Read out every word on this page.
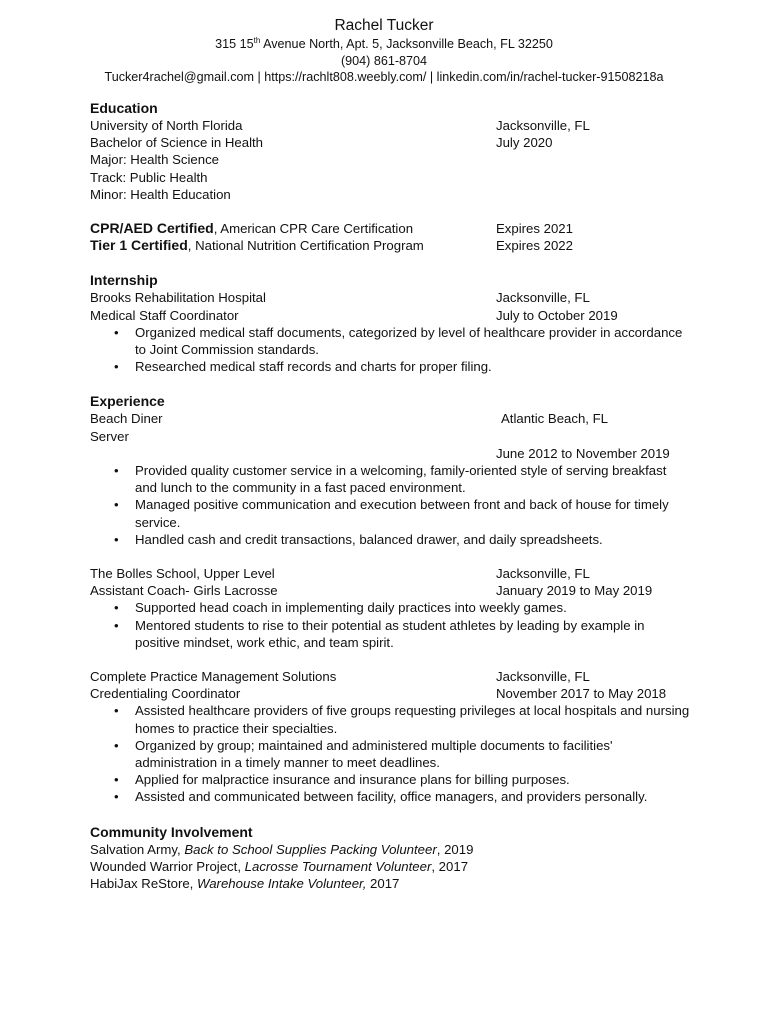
Rachel Tucker
315 15th Avenue North, Apt. 5, Jacksonville Beach, FL 32250
(904) 861-8704
Tucker4rachel@gmail.com | https://rachlt808.weebly.com/ | linkedin.com/in/rachel-tucker-91508218a
Education
University of North Florida	Jacksonville, FL
Bachelor of Science in Health	July 2020
Major: Health Science
Track: Public Health
Minor: Health Education
CPR/AED Certified, American CPR Care Certification	Expires 2021
Tier 1 Certified, National Nutrition Certification Program	Expires 2022
Internship
Brooks Rehabilitation Hospital	Jacksonville, FL
Medical Staff Coordinator	July to October 2019
• Organized medical staff documents, categorized by level of healthcare provider in accordance to Joint Commission standards.
• Researched medical staff records and charts for proper filing.
Experience
Beach Diner	Atlantic Beach, FL
Server
June 2012 to November 2019
• Provided quality customer service in a welcoming, family-oriented style of serving breakfast and lunch to the community in a fast paced environment.
• Managed positive communication and execution between front and back of house for timely service.
• Handled cash and credit transactions, balanced drawer, and daily spreadsheets.
The Bolles School, Upper Level	Jacksonville, FL
Assistant Coach- Girls Lacrosse	January 2019 to May 2019
• Supported head coach in implementing daily practices into weekly games.
• Mentored students to rise to their potential as student athletes by leading by example in positive mindset, work ethic, and team spirit.
Complete Practice Management Solutions	Jacksonville, FL
Credentialing Coordinator	November 2017 to May 2018
• Assisted healthcare providers of five groups requesting privileges at local hospitals and nursing homes to practice their specialties.
• Organized by group; maintained and administered multiple documents to facilities' administration in a timely manner to meet deadlines.
• Applied for malpractice insurance and insurance plans for billing purposes.
• Assisted and communicated between facility, office managers, and providers personally.
Community Involvement
Salvation Army, Back to School Supplies Packing Volunteer, 2019
Wounded Warrior Project, Lacrosse Tournament Volunteer, 2017
HabiJax ReStore, Warehouse Intake Volunteer, 2017
